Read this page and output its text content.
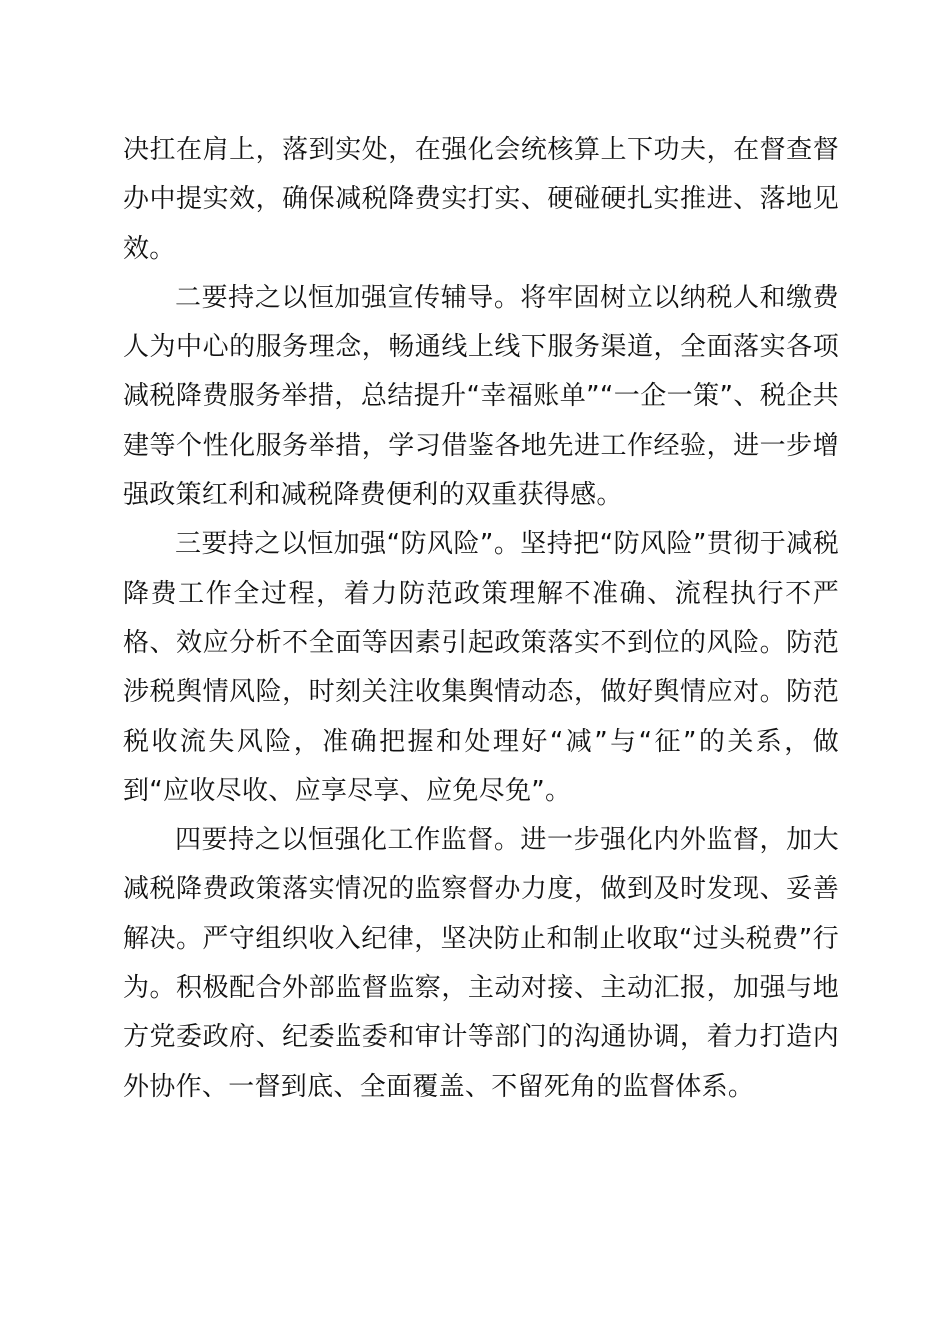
决扛在肩上，落到实处，在强化会统核算上下功夫，在督查督办中提实效，确保减税降费实打实、硬碰硬扎实推进、落地见效。

二要持之以恒加强宣传辅导。将牢固树立以纳税人和缴费人为中心的服务理念，畅通线上线下服务渠道，全面落实各项减税降费服务举措，总结提升“幸福账单”“一企一策”、税企共建等个性化服务举措，学习借鉴各地先进工作经验，进一步增强政策红利和减税降费便利的双重获得感。

三要持之以恒加强“防风险”。坚持把“防风险”贯彻于减税降费工作全过程，着力防范政策理解不准确、流程执行不严格、效应分析不全面等因素引起政策落实不到位的风险。防范涉税舆情风险，时刻关注收集舆情动态，做好舆情应对。防范税收流失风险，准确把握和处理好“减”与“征”的关系，做到“应收尽收、应享尽享、应免尽免”。

四要持之以恒强化工作监督。进一步强化内外监督，加大减税降费政策落实情况的监察督办力度，做到及时发现、妥善解决。严守组织收入纪律，坚决防止和制止收取“过头税费”行为。积极配合外部监督监察，主动对接、主动汇报，加强与地方党委政府、纪委监委和审计等部门的沟通协调，着力打造内外协作、一督到底、全面覆盖、不留死角的监督体系。
